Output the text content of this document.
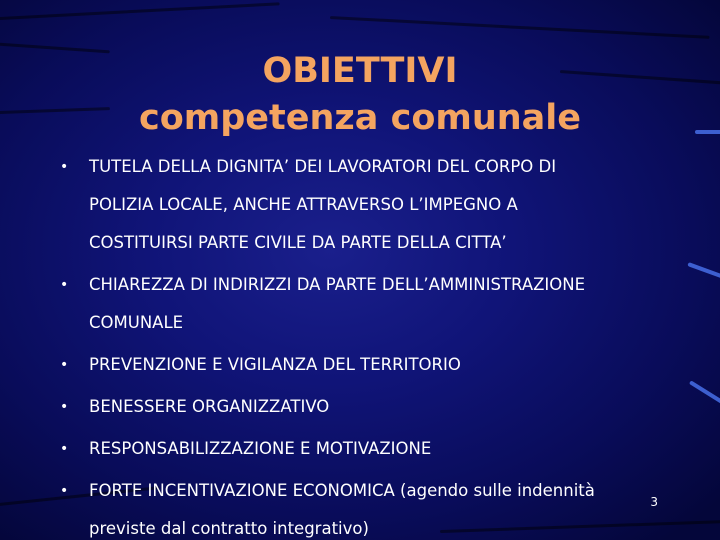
OBIETTIVI
competenza comunale
• TUTELA DELLA DIGNITA’ DEI LAVORATORI DEL CORPO DI
POLIZIA LOCALE, ANCHE ATTRAVERSO L’IMPEGNO A
COSTITUIRSI PARTE CIVILE DA PARTE DELLA CITTA’
• CHIAREZZA DI INDIRIZZI DA PARTE DELL’AMMINISTRAZIONE
COMUNALE
• PREVENZIONE E VIGILANZA DEL TERRITORIO
• BENESSERE ORGANIZZATIVO
• RESPONSABILIZZAZIONE E MOTIVAZIONE
• FORTE INCENTIVAZIONE ECONOMICA (agendo sulle indennità
previste dal contratto integrativo)
3
